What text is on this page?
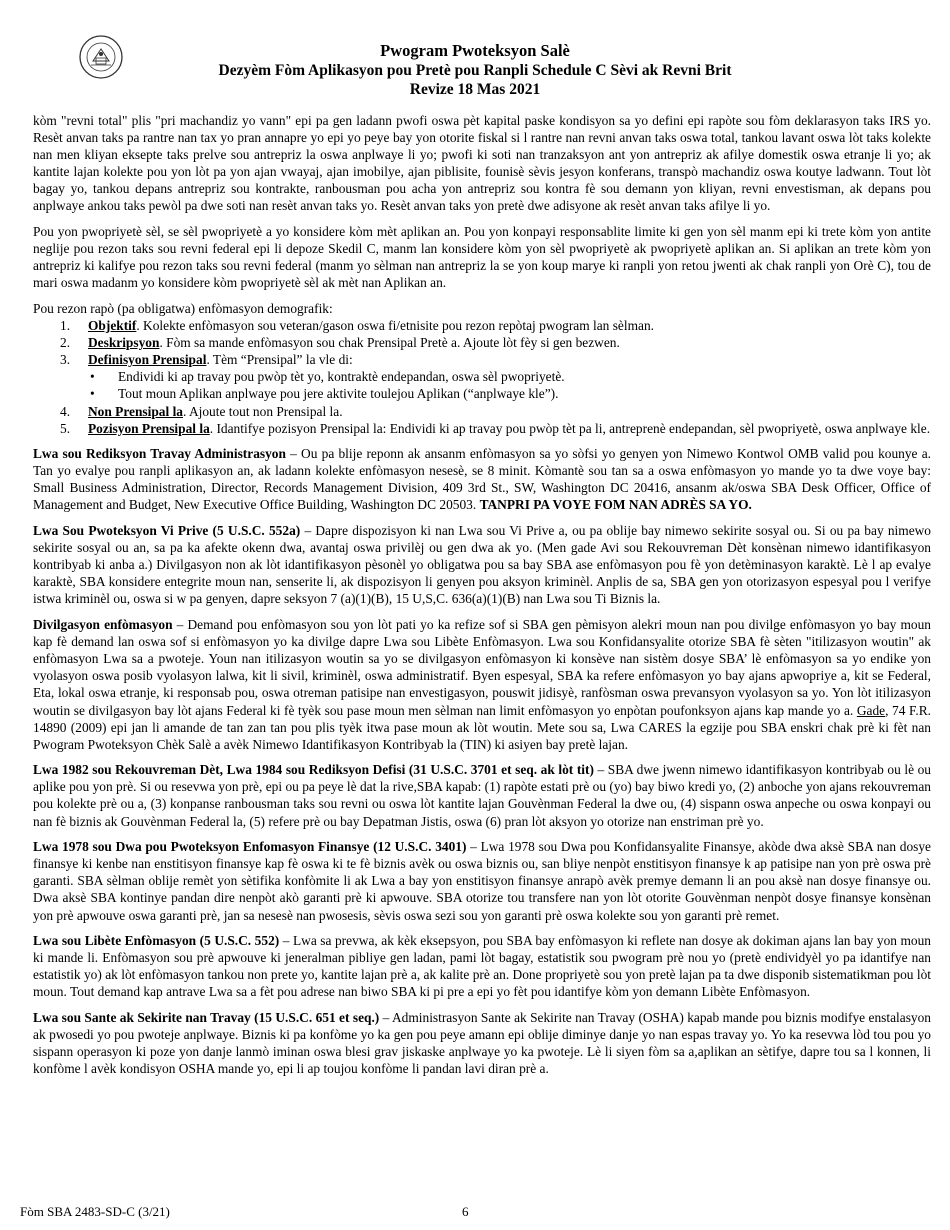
Pwogram Pwoteksyon Salè
Dezyèm Fòm Aplikasyon pou Pretè pou Ranpli Schedule C Sèvi ak Revni Brit
Revize 18 Mas 2021

kòm "revni total" plis "pri machandiz yo vann" epi pa gen ladann pwofi oswa pèt kapital paske kondisyon sa yo defini epi rapòte sou fòm deklarasyon taks IRS yo. Resèt anvan taks pa rantre nan tax yo pran annapre yo epi yo peye bay yon otorite fiskal si l rantre nan revni anvan taks oswa total, tankou lavant oswa lòt taks kolekte nan men kliyan eksepte taks prelve sou antrepriz la oswa anplwaye li yo; pwofi ki soti nan tranzaksyon ant yon antrepriz ak afilye domestik oswa etranje li yo; ak kantite lajan kolekte pou yon lòt pa yon ajan vwayaj, ajan imobilye, ajan piblisite, founisè sèvis jesyon konferans, transpò machandiz oswa koutye ladwann. Tout lòt bagay yo, tankou depans antrepriz sou kontrakte, ranbousman pou acha yon antrepriz sou kontra fè sou demann yon kliyan, revni envestisman, ak depans pou anplwaye ankou taks pewòl pa dwe soti nan resèt anvan taks yo. Resèt anvan taks yon pretè dwe adisyone ak resèt anvan taks afilye li yo.

Pou yon pwopriyetè sèl, se sèl pwopriyetè a yo konsidere kòm mèt aplikan an. Pou yon konpayi responsablite limite ki gen yon sèl manm epi ki trete kòm yon antite neglije pou rezon taks sou revni federal epi li depoze Skedil C, manm lan konsidere kòm yon sèl pwopriyetè ak pwopriyetè aplikan an. Si aplikan an trete kòm yon antrepriz ki kalifye pou rezon taks sou revni federal (manm yo sèlman nan antrepriz la se yon koup marye ki ranpli yon retou jwenti ak chak ranpli yon Orè C), tou de mari oswa madanm yo konsidere kòm pwopriyetè sèl ak mèt nan Aplikan an.

Pou rezon rapò (pa obligatwa) enfòmasyon demografik:

1. Objektif. Kolekte enfòmasyon sou veteran/gason oswa fi/etnisite pou rezon repòtaj pwogram lan sèlman.
2. Deskripsyon. Fòm sa mande enfòmasyon sou chak Prensipal Pretè a. Ajoute lòt fèy si gen bezwen.
3. Definisyon Prensipal. Tèm “Prensipal” la vle di:
• Endividi ki ap travay pou pwòp tèt yo, kontraktè endepandan, oswa sèl pwopriyetè.
• Tout moun Aplikan anplwaye pou jere aktivite toulejou Aplikan (“anplwaye kle”).
4. Non Prensipal la. Ajoute tout non Prensipal la.
5. Pozisyon Prensipal la. Idantifye pozisyon Prensipal la: Endividi ki ap travay pou pwòp tèt pa li, antreprenè endepandan, sèl pwopriyetè, oswa anplwaye kle.

Lwa sou Rediksyon Travay Administrasyon – Ou pa blije reponn ak ansanm enfòmasyon sa yo sòfsi yo genyen yon Nimewo Kontwol OMB valid pou kounye a. Tan yo evalye pou ranpli aplikasyon an, ak ladann kolekte enfòmasyon nesesè, se 8 minit. Kòmantè sou tan sa a oswa enfòmasyon yo mande yo ta dwe voye bay: Small Business Administration, Director, Records Management Division, 409 3rd St., SW, Washington DC 20416, ansanm ak/oswa SBA Desk Officer, Office of Management and Budget, New Executive Office Building, Washington DC 20503. TANPRI PA VOYE FOM NAN ADRÈS SA YO.

Lwa Sou Pwoteksyon Vi Prive (5 U.S.C. 552a) – Dapre dispozisyon ki nan Lwa sou Vi Prive a, ou pa oblije bay nimewo sekirite sosyal ou. Si ou pa bay nimewo sekirite sosyal ou an, sa pa ka afekte okenn dwa, avantaj oswa privilèj ou gen dwa ak yo. (Men gade Avi sou Rekouvreman Dèt konsènan nimewo idantifikasyon kontribyab ki anba a.) Divilgasyon non ak lòt idantifikasyon pèsonèl yo obligatwa pou sa bay SBA ase enfòmasyon pou fè yon detèminasyon karaktè. Lè l ap evalye karaktè, SBA konsidere entegrite moun nan, senserite li, ak dispozisyon li genyen pou aksyon kriminèl. Anplis de sa, SBA gen yon otorizasyon espesyal pou l verifye istwa kriminèl ou, oswa si w pa genyen, dapre seksyon 7 (a)(1)(B), 15 U,S,C. 636(a)(1)(B) nan Lwa sou Ti Biznis la.

Divilgasyon enfòmasyon – Demand pou enfòmasyon sou yon lòt pati yo ka refize sof si SBA gen pèmisyon alekri moun nan pou divilge enfòmasyon yo bay moun kap fè demand lan oswa sof si enfòmasyon yo ka divilge dapre Lwa sou Libète Enfòmasyon. Lwa sou Konfidansyalite otorize SBA fè sèten "itilizasyon woutin" ak enfòmasyon Lwa sa a pwoteje. Youn nan itilizasyon woutin sa yo se divilgasyon enfòmasyon ki konsève nan sistèm dosye SBA’ lè enfòmasyon sa yo endike yon vyolasyon oswa posib vyolasyon lalwa, kit li sivil, kriminèl, oswa administratif. Byen espesyal, SBA ka refere enfòmasyon yo bay ajans apwopriye a, kit se Federal, Eta, lokal oswa etranje, ki responsab pou, oswa otreman patisipe nan envestigasyon, pouswit jidisyè, ranfòsman oswa prevansyon vyolasyon sa yo. Yon lòt itilizasyon woutin se divilgasyon bay lòt ajans Federal ki fè tyèk sou pase moun men sèlman nan limit enfòmasyon yo enpòtan poufonksyon ajans kap mande yo a. Gade, 74 F.R. 14890 (2009) epi jan li amande de tan zan tan pou plis tyèk itwa pase moun ak lòt woutin. Mete sou sa, Lwa CARES la egzije pou SBA enskri chak prè ki fèt nan Pwogram Pwoteksyon Chèk Salè a avèk Nimewo Idantifikasyon Kontribyab la (TIN) ki asiyen bay pretè lajan.

Lwa 1982 sou Rekouvreman Dèt, Lwa 1984 sou Rediksyon Defisi (31 U.S.C. 3701 et seq. ak lòt tit) – SBA dwe jwenn nimewo idantifikasyon kontribyab ou lè ou aplike pou yon prè. Si ou resevwa yon prè, epi ou pa peye lè dat la rive,SBA kapab: (1) rapòte estati prè ou (yo) bay biwo kredi yo, (2) anboche yon ajans rekouvreman pou kolekte prè ou a, (3) konpanse ranbousman taks sou revni ou oswa lòt kantite lajan Gouvènman Federal la dwe ou, (4) sispann oswa anpeche ou oswa konpayi ou nan fè biznis ak Gouvènman Federal la, (5) refere prè ou bay Depatman Jistis, oswa (6) pran lòt aksyon yo otorize nan enstriman prè yo.

Lwa 1978 sou Dwa pou Pwoteksyon Enfomasyon Finansye (12 U.S.C. 3401) – Lwa 1978 sou Dwa pou Konfidansyalite Finansye, akòde dwa aksè SBA nan dosye finansye ki kenbe nan enstitisyon finansye kap fè oswa ki te fè biznis avèk ou oswa biznis ou, san bliye nenpòt enstitisyon finansye k ap patisipe nan yon prè oswa prè garanti. SBA sèlman oblije remèt yon sètifika konfòmite li ak Lwa a bay yon enstitisyon finansye anrapò avèk premye demann li an pou aksè nan dosye finansye ou. Dwa aksè SBA kontinye pandan dire nenpòt akò garanti prè ki apwouve. SBA otorize tou transfere nan yon lòt otorite Gouvènman nenpòt dosye finansye konsènan yon prè apwouve oswa garanti prè, jan sa nesesè nan pwosesis, sèvis oswa sezi sou yon garanti prè oswa kolekte sou yon garanti prè remet.

Lwa sou Libète Enfòmasyon (5 U.S.C. 552) – Lwa sa prevwa, ak kèk eksepsyon, pou SBA bay enfòmasyon ki reflete nan dosye ak dokiman ajans lan bay yon moun ki mande li. Enfòmasyon sou prè apwouve ki jeneralman pibliye gen ladan, pami lòt bagay, estatistik sou pwogram prè nou yo (pretè endividyèl yo pa idantifye nan estatistik yo) ak lòt enfòmasyon tankou non prete yo, kantite lajan prè a, ak kalite prè an. Done propriyetè sou yon pretè lajan pa ta dwe disponib sistematikman pou lòt moun. Tout demand kap antrave Lwa sa a fèt pou adrese nan biwo SBA ki pi pre a epi yo fèt pou idantifye kòm yon demann Libète Enfòmasyon.

Lwa sou Sante ak Sekirite nan Travay (15 U.S.C. 651 et seq.) – Administrasyon Sante ak Sekirite nan Travay (OSHA) kapab mande pou biznis modifye enstalasyon ak pwosedi yo pou pwoteje anplwaye. Biznis ki pa konfòme yo ka gen pou peye amann epi oblije diminye danje yo nan espas travay yo. Yo ka resevwa lòd tou pou yo sispann operasyon ki poze yon danje lanmò iminan oswa blesi grav jiskaske anplwaye yo ka pwoteje. Lè li siyen fòm sa a,aplikan an sètifye, dapre tou sa l konnen, li konfòme l avèk kondisyon OSHA mande yo, epi li ap toujou konfòme li pandan lavi diran prè a.

Fòm SBA 2483-SD-C (3/21)	6
